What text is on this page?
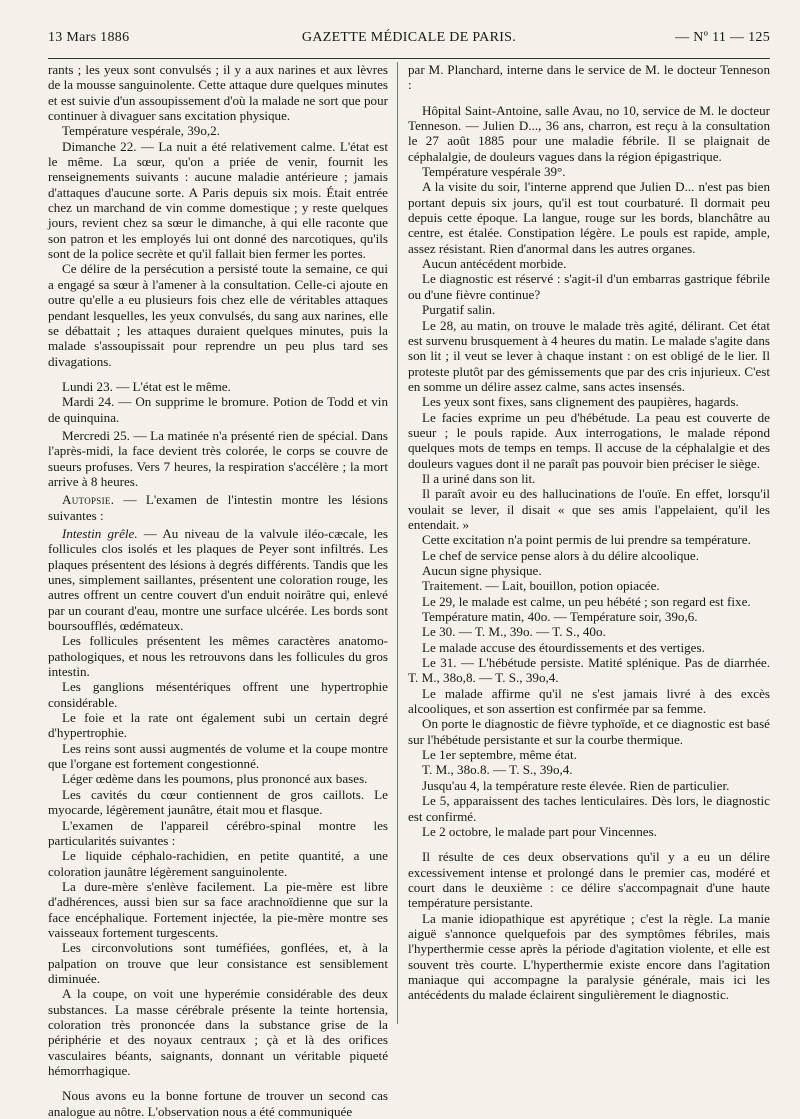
13 Mars 1886	GAZETTE MÉDICALE DE PARIS.	— Nº 11 — 125

rants ; les yeux sont convulsés ; il y a aux narines et aux lèvres de la mousse sanguinolente. Cette attaque dure quelques minutes et est suivie d'un assoupissement d'où la malade ne sort que pour continuer à divaguer sans excitation physique.

Température vespérale, 39o,2.

Dimanche 22. — La nuit a été relativement calme. L'état est le même. La sœur, qu'on a priée de venir, fournit les renseignements suivants : aucune maladie antérieure ; jamais d'attaques d'aucune sorte. A Paris depuis six mois. Était entrée chez un marchand de vin comme domestique ; y reste quelques jours, revient chez sa sœur le dimanche, à qui elle raconte que son patron et les employés lui ont donné des narcotiques, qu'ils sont de la police secrète et qu'il fallait bien fermer les portes.

Ce délire de la persécution a persisté toute la semaine, ce qui a engagé sa sœur à l'amener à la consultation. Celle-ci ajoute en outre qu'elle a eu plusieurs fois chez elle de véritables attaques pendant lesquelles, les yeux convulsés, du sang aux narines, elle se débattait ; les attaques duraient quelques minutes, puis la malade s'assoupissait pour reprendre un peu plus tard ses divagations.

Lundi 23. — L'état est le même.

Mardi 24. — On supprime le bromure. Potion de Todd et vin de quinquina.

Mercredi 25. — La matinée n'a présenté rien de spécial. Dans l'après-midi, la face devient très colorée, le corps se couvre de sueurs profuses. Vers 7 heures, la respiration s'accélère ; la mort arrive à 8 heures.

Autopsie. — L'examen de l'intestin montre les lésions suivantes :

Intestin grêle. — Au niveau de la valvule iléo-cæcale, les follicules clos isolés et les plaques de Peyer sont infiltrés. Les plaques présentent des lésions à degrés différents. Tandis que les unes, simplement saillantes, présentent une coloration rouge, les autres offrent un centre couvert d'un enduit noirâtre qui, enlevé par un courant d'eau, montre une surface ulcérée. Les bords sont boursoufflés, œdémateux.

Les follicules présentent les mêmes caractères anatomo-pathologiques, et nous les retrouvons dans les follicules du gros intestin.

Les ganglions mésentériques offrent une hypertrophie considérable.

Le foie et la rate ont également subi un certain degré d'hypertrophie.

Les reins sont aussi augmentés de volume et la coupe montre que l'organe est fortement congestionné.

Léger œdème dans les poumons, plus prononcé aux bases.

Les cavités du cœur contiennent de gros caillots. Le myocarde, légèrement jaunâtre, était mou et flasque.

L'examen de l'appareil cérébro-spinal montre les particularités suivantes :

Le liquide céphalo-rachidien, en petite quantité, a une coloration jaunâtre légèrement sanguinolente.

La dure-mère s'enlève facilement. La pie-mère est libre d'adhérences, aussi bien sur sa face arachnoïdienne que sur la face encéphalique. Fortement injectée, la pie-mère montre ses vaisseaux fortement turgescents.

Les circonvolutions sont tuméfiées, gonflées, et, à la palpation on trouve que leur consistance est sensiblement diminuée.

A la coupe, on voit une hyperémie considérable des deux substances. La masse cérébrale présente la teinte hortensia, coloration très prononcée dans la substance grise de la périphérie et des noyaux centraux ; çà et là des orifices vasculaires béants, saignants, donnant un véritable piqueté hémorrhagique.

Nous avons eu la bonne fortune de trouver un second cas analogue au nôtre. L'observation nous a été communiquée

par M. Planchard, interne dans le service de M. le docteur Tenneson :

Hôpital Saint-Antoine, salle Avau, no 10, service de M. le docteur Tenneson. — Julien D..., 36 ans, charron, est reçu à la consultation le 27 août 1885 pour une maladie fébrile. Il se plaignait de céphalalgie, de douleurs vagues dans la région épigastrique.

Température vespérale 39°.

A la visite du soir, l'interne apprend que Julien D... n'est pas bien portant depuis six jours, qu'il est tout courbaturé. Il dormait peu depuis cette époque. La langue, rouge sur les bords, blanchâtre au centre, est étalée. Constipation légère. Le pouls est rapide, ample, assez résistant. Rien d'anormal dans les autres organes.

Aucun antécédent morbide.

Le diagnostic est réservé : s'agit-il d'un embarras gastrique fébrile ou d'une fièvre continue?

Purgatif salin.

Le 28, au matin, on trouve le malade très agité, délirant. Cet état est survenu brusquement à 4 heures du matin. Le malade s'agite dans son lit ; il veut se lever à chaque instant : on est obligé de le lier. Il proteste plutôt par des gémissements que par des cris injurieux. C'est en somme un délire assez calme, sans actes insensés.

Les yeux sont fixes, sans clignement des paupières, hagards.

Le facies exprime un peu d'hébétude. La peau est couverte de sueur ; le pouls rapide. Aux interrogations, le malade répond quelques mots de temps en temps. Il accuse de la céphalalgie et des douleurs vagues dont il ne paraît pas pouvoir bien préciser le siège.

Il a uriné dans son lit.

Il paraît avoir eu des hallucinations de l'ouïe. En effet, lorsqu'il voulait se lever, il disait « que ses amis l'appelaient, qu'il les entendait. »

Cette excitation n'a point permis de lui prendre sa température.

Le chef de service pense alors à du délire alcoolique.

Aucun signe physique.

Traitement. — Lait, bouillon, potion opiacée.

Le 29, le malade est calme, un peu hébété ; son regard est fixe.

Température matin, 40o. — Température soir, 39o,6.

Le 30. — T. M., 39o. — T. S., 40o.

Le malade accuse des étourdissements et des vertiges.

Le 31. — L'hébétude persiste. Matité splénique. Pas de diarrhée. T. M., 38o,8. — T. S., 39o,4.

Le malade affirme qu'il ne s'est jamais livré à des excès alcooliques, et son assertion est confirmée par sa femme.

On porte le diagnostic de fièvre typhoïde, et ce diagnostic est basé sur l'hébétude persistante et sur la courbe thermique.

Le 1er septembre, même état.

T. M., 38o.8. — T. S., 39o,4.

Jusqu'au 4, la température reste élevée. Rien de particulier.

Le 5, apparaissent des taches lenticulaires. Dès lors, le diagnostic est confirmé.

Le 2 octobre, le malade part pour Vincennes.

Il résulte de ces deux observations qu'il y a eu un délire excessivement intense et prolongé dans le premier cas, modéré et court dans le deuxième : ce délire s'accompagnait d'une haute température persistante.

La manie idiopathique est apyrétique ; c'est la règle. La manie aiguë s'annonce quelquefois par des symptômes fébriles, mais l'hyperthermie cesse après la période d'agitation violente, et elle est souvent très courte. L'hyperthermie existe encore dans l'agitation maniaque qui accompagne la paralysie générale, mais ici les antécédents du malade éclairent singulièrement le diagnostic.
